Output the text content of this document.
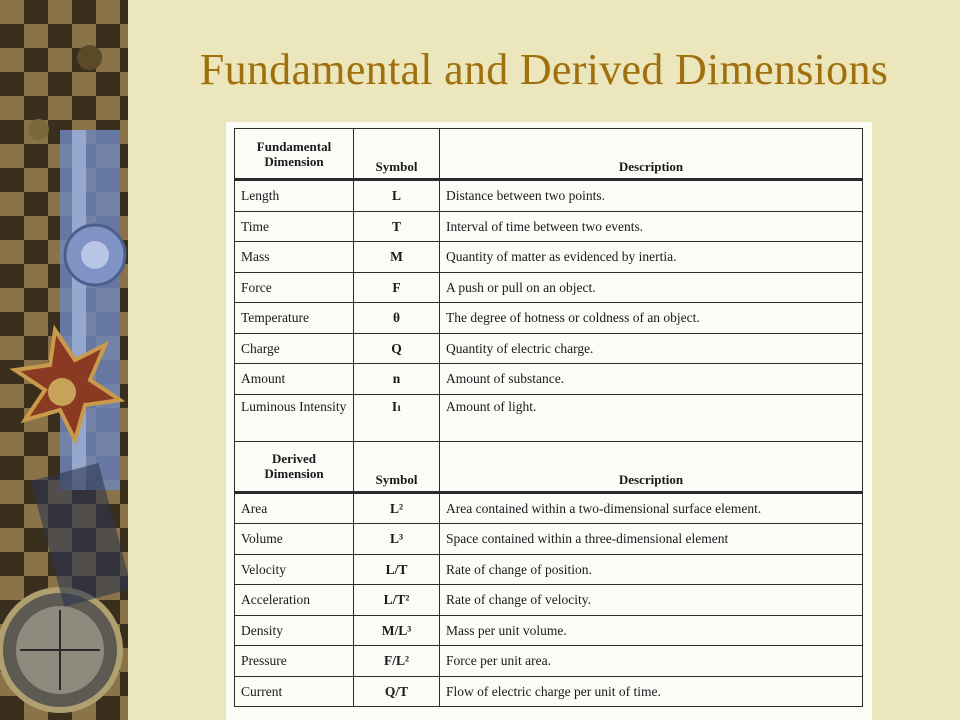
Fundamental and Derived Dimensions
Fundamental Dimension	Symbol	Description
Length	L	Distance between two points.
Time	T	Interval of time between two events.
Mass	M	Quantity of matter as evidenced by inertia.
Force	F	A push or pull on an object.
Temperature	θ	The degree of hotness or coldness of an object.
Charge	Q	Quantity of electric charge.
Amount	n	Amount of substance.
Luminous Intensity	Iₗ	Amount of light.
Derived Dimension	Symbol	Description
Area	L²	Area contained within a two-dimensional surface element.
Volume	L³	Space contained within a three-dimensional element
Velocity	L/T	Rate of change of position.
Acceleration	L/T²	Rate of change of velocity.
Density	M/L³	Mass per unit volume.
Pressure	F/L²	Force per unit area.
Current	Q/T	Flow of electric charge per unit of time.
